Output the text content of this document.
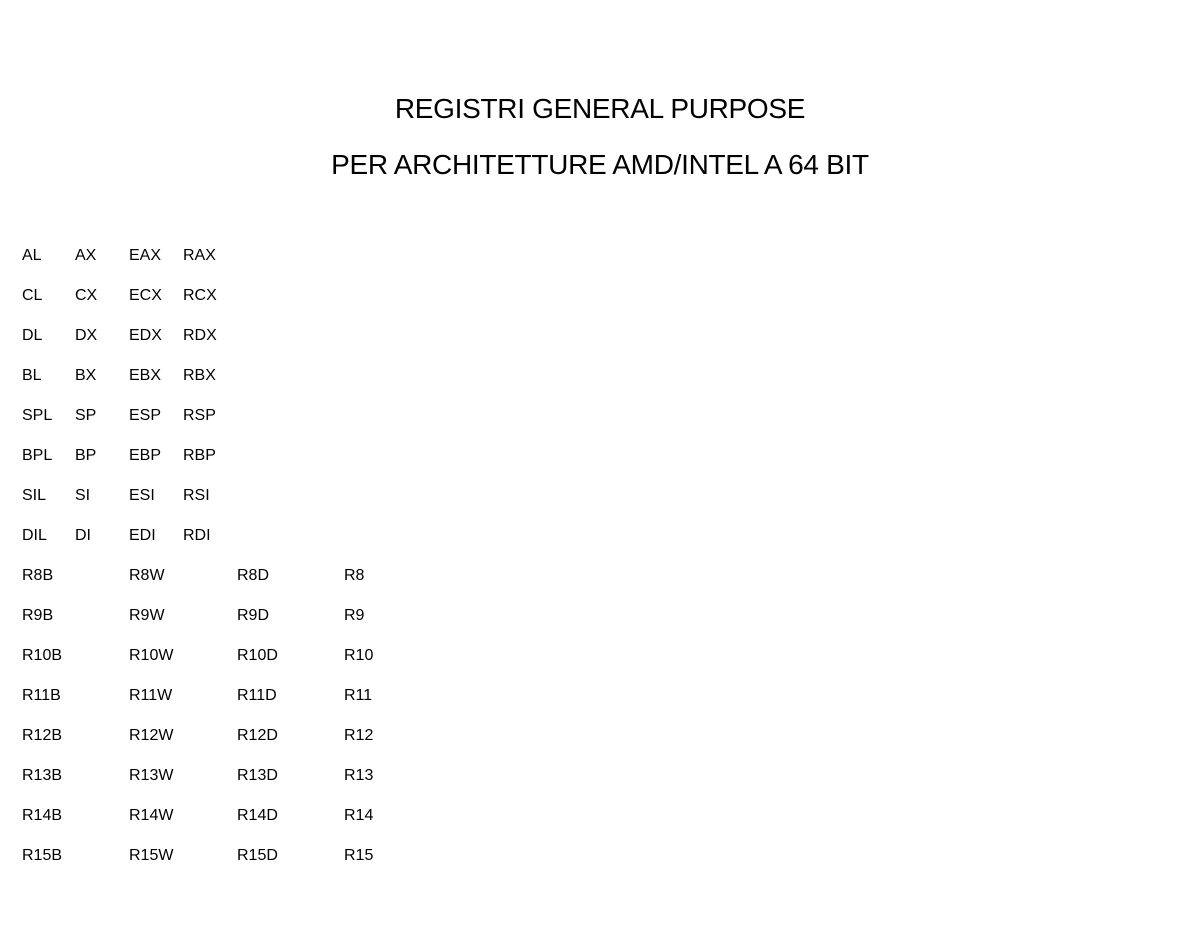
REGISTRI GENERAL PURPOSE
PER ARCHITETTURE AMD/INTEL A 64 BIT
AL AX EAX RAX
CL CX ECX RCX
DL DX EDX RDX
BL BX EBX RBX
SPL SP ESP RSP
BPL BP EBP RBP
SIL SI ESI RSI
DIL DI EDI RDI
R8B	R8W	R8D	R8
R9B	R9W	R9D	R9
R10B	R10W	R10D	R10
R11B	R11W	R11D	R11
R12B	R12W	R12D	R12
R13B	R13W	R13D	R13
R14B	R14W	R14D	R14
R15B	R15W	R15D	R15
